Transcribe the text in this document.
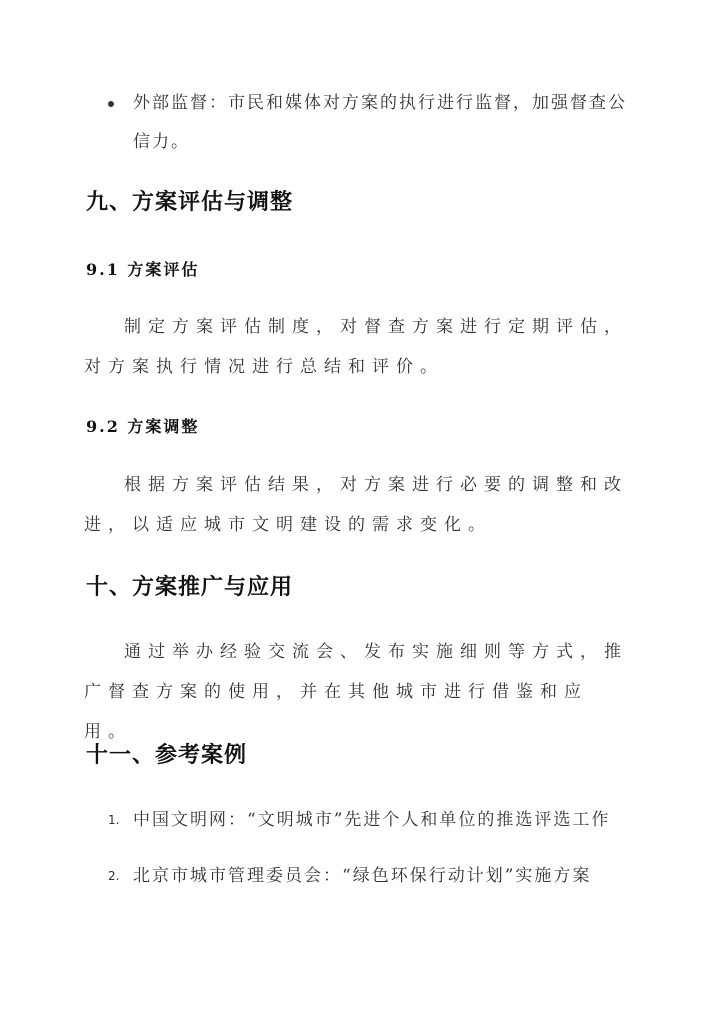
外部监督：市民和媒体对方案的执行进行监督，加强督查公
信力。
九、方案评估与调整
9.1 方案评估
制定方案评估制度，对督查方案进行定期评估，对方案执行情况进行总结和评价。
9.2 方案调整
根据方案评估结果，对方案进行必要的调整和改进，以适应城市文明建设的需求变化。
十、方案推广与应用
通过举办经验交流会、发布实施细则等方式，推广督查方案的使用，并在其他城市进行借鉴和应用。
十一、参考案例
1. 中国文明网：“文明城市”先进个人和单位的推选评选工作
2. 北京市城市管理委员会：“绿色环保行动计划”实施方案
